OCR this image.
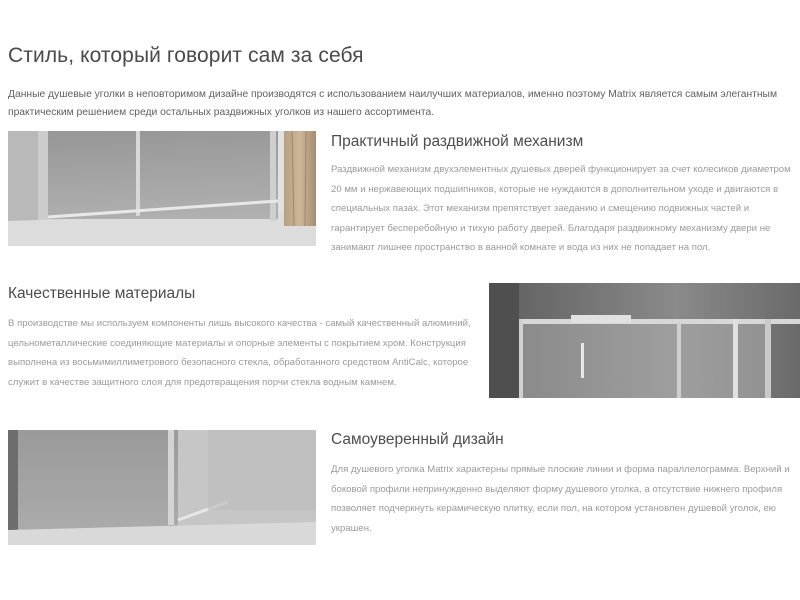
Стиль, который говорит сам за себя

Данные душевые уголки в неповторимом дизайне производятся с использованием наилучших материалов, именно поэтому Matrix является самым элегантным практическим решением среди остальных раздвижных уголков из нашего ассортимента.

Практичный раздвижной механизм

Раздвижной механизм двухэлементных душевых дверей функционирует за счет колесиков диаметром 20 мм и нержавеющих подшипников, которые не нуждаются в дополнительном уходе и двигаются в специальных пазах. Этот механизм препятствует заеданию и смещению подвижных частей и гарантирует бесперебойную и тихую работу дверей. Благодаря раздвижному механизму двери не занимают лишнее пространство в ванной комнате и вода из них не попадает на пол.

Качественные материалы

В производстве мы используем компоненты лишь высокого качества - самый качественный алюминий, цельнометаллические соединяющие материалы и опорные элементы с покрытием хром. Конструкция выполнена из восьмимиллиметрового безопасного стекла, обработанного средством AntiCalc, которое служит в качестве защитного слоя для предотвращения порчи стекла водным камнем.

Самоуверенный дизайн

Для душевого уголка Matrix характерны прямые плоские линии и форма параллелограмма. Верхний и боковой профили непринужденно выделяют форму душевого уголка, а отсутствие нижнего профиля позволяет подчеркнуть керамическую плитку, если пол, на котором установлен душевой уголок, ею украшен.
